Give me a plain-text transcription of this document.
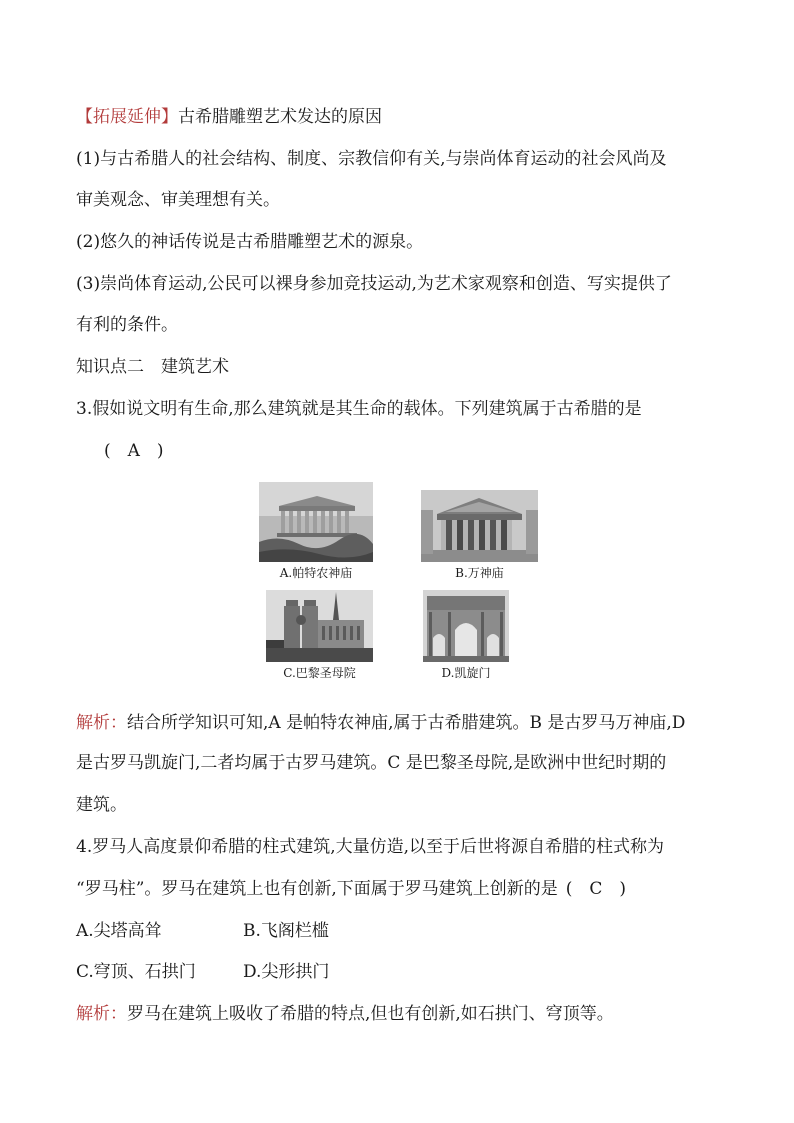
【拓展延伸】古希腊雕塑艺术发达的原因
(1)与古希腊人的社会结构、制度、宗教信仰有关,与崇尚体育运动的社会风尚及
审美观念、审美理想有关。
(2)悠久的神话传说是古希腊雕塑艺术的源泉。
(3)崇尚体育运动,公民可以裸身参加竞技运动,为艺术家观察和创造、写实提供了
有利的条件。
知识点二　建筑艺术
3.假如说文明有生命,那么建筑就是其生命的载体。下列建筑属于古希腊的是
(　A　)
A.帕特农神庙	B.万神庙
C.巴黎圣母院	D.凯旋门
解析：结合所学知识可知,A 是帕特农神庙,属于古希腊建筑。B 是古罗马万神庙,D
是古罗马凯旋门,二者均属于古罗马建筑。C 是巴黎圣母院,是欧洲中世纪时期的
建筑。
4.罗马人高度景仰希腊的柱式建筑,大量仿造,以至于后世将源自希腊的柱式称为
“罗马柱”。罗马在建筑上也有创新,下面属于罗马建筑上创新的是 (　C　)
A.尖塔高耸	B.飞阁栏槛
C.穹顶、石拱门	D.尖形拱门
解析：罗马在建筑上吸收了希腊的特点,但也有创新,如石拱门、穹顶等。
